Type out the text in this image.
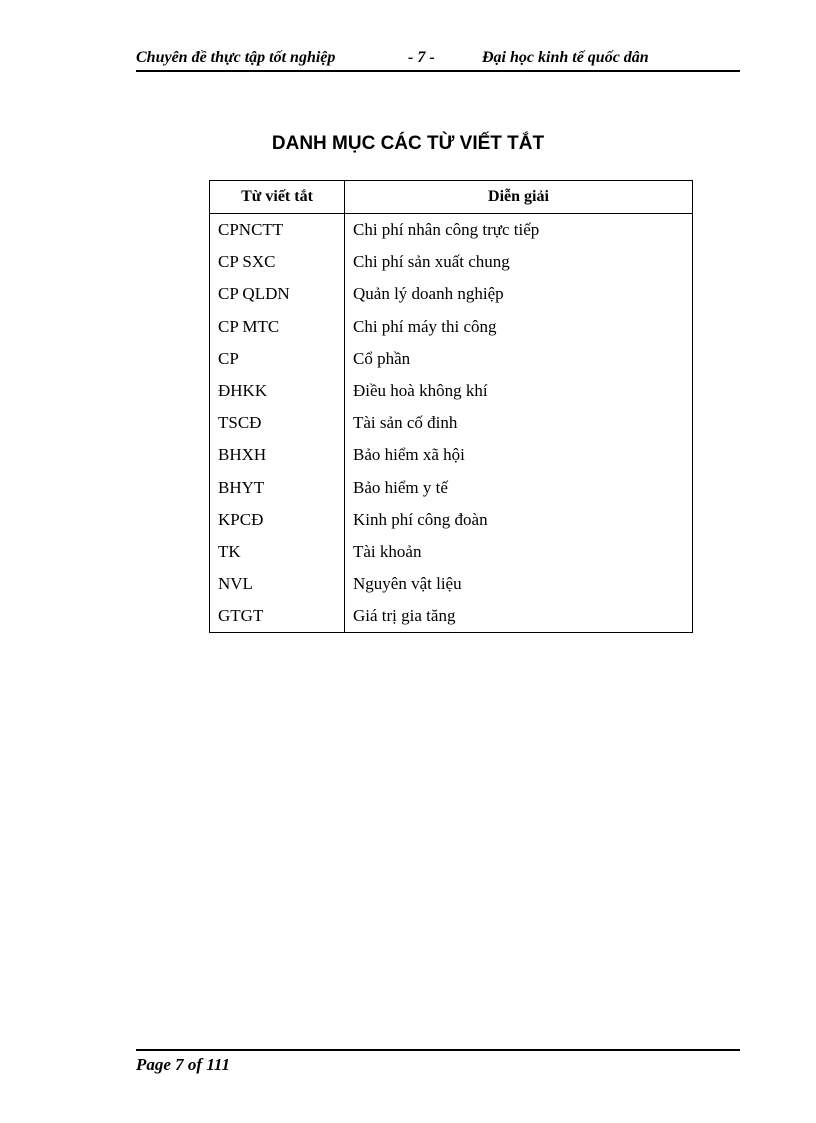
Chuyên đề thực tập tốt nghiệp	- 7 -	Đại học kinh tế quốc dân
DANH MỤC CÁC TỪ VIẾT TẮT
Từ viết tắt	Diễn giải
CPNCTT	Chi phí nhân công trực tiếp
CP SXC	Chi phí sản xuất chung
CP QLDN	Quản lý doanh nghiệp
CP MTC	Chi phí máy thi công
CP	Cổ phần
ĐHKK	Điều hoà không khí
TSCĐ	Tài sản cố đinh
BHXH	Bảo hiểm xã hội
BHYT	Bảo hiểm y tế
KPCĐ	Kinh phí công đoàn
TK	Tài khoản
NVL	Nguyên vật liệu
GTGT	Giá trị gia tăng
Page 7 of 111
